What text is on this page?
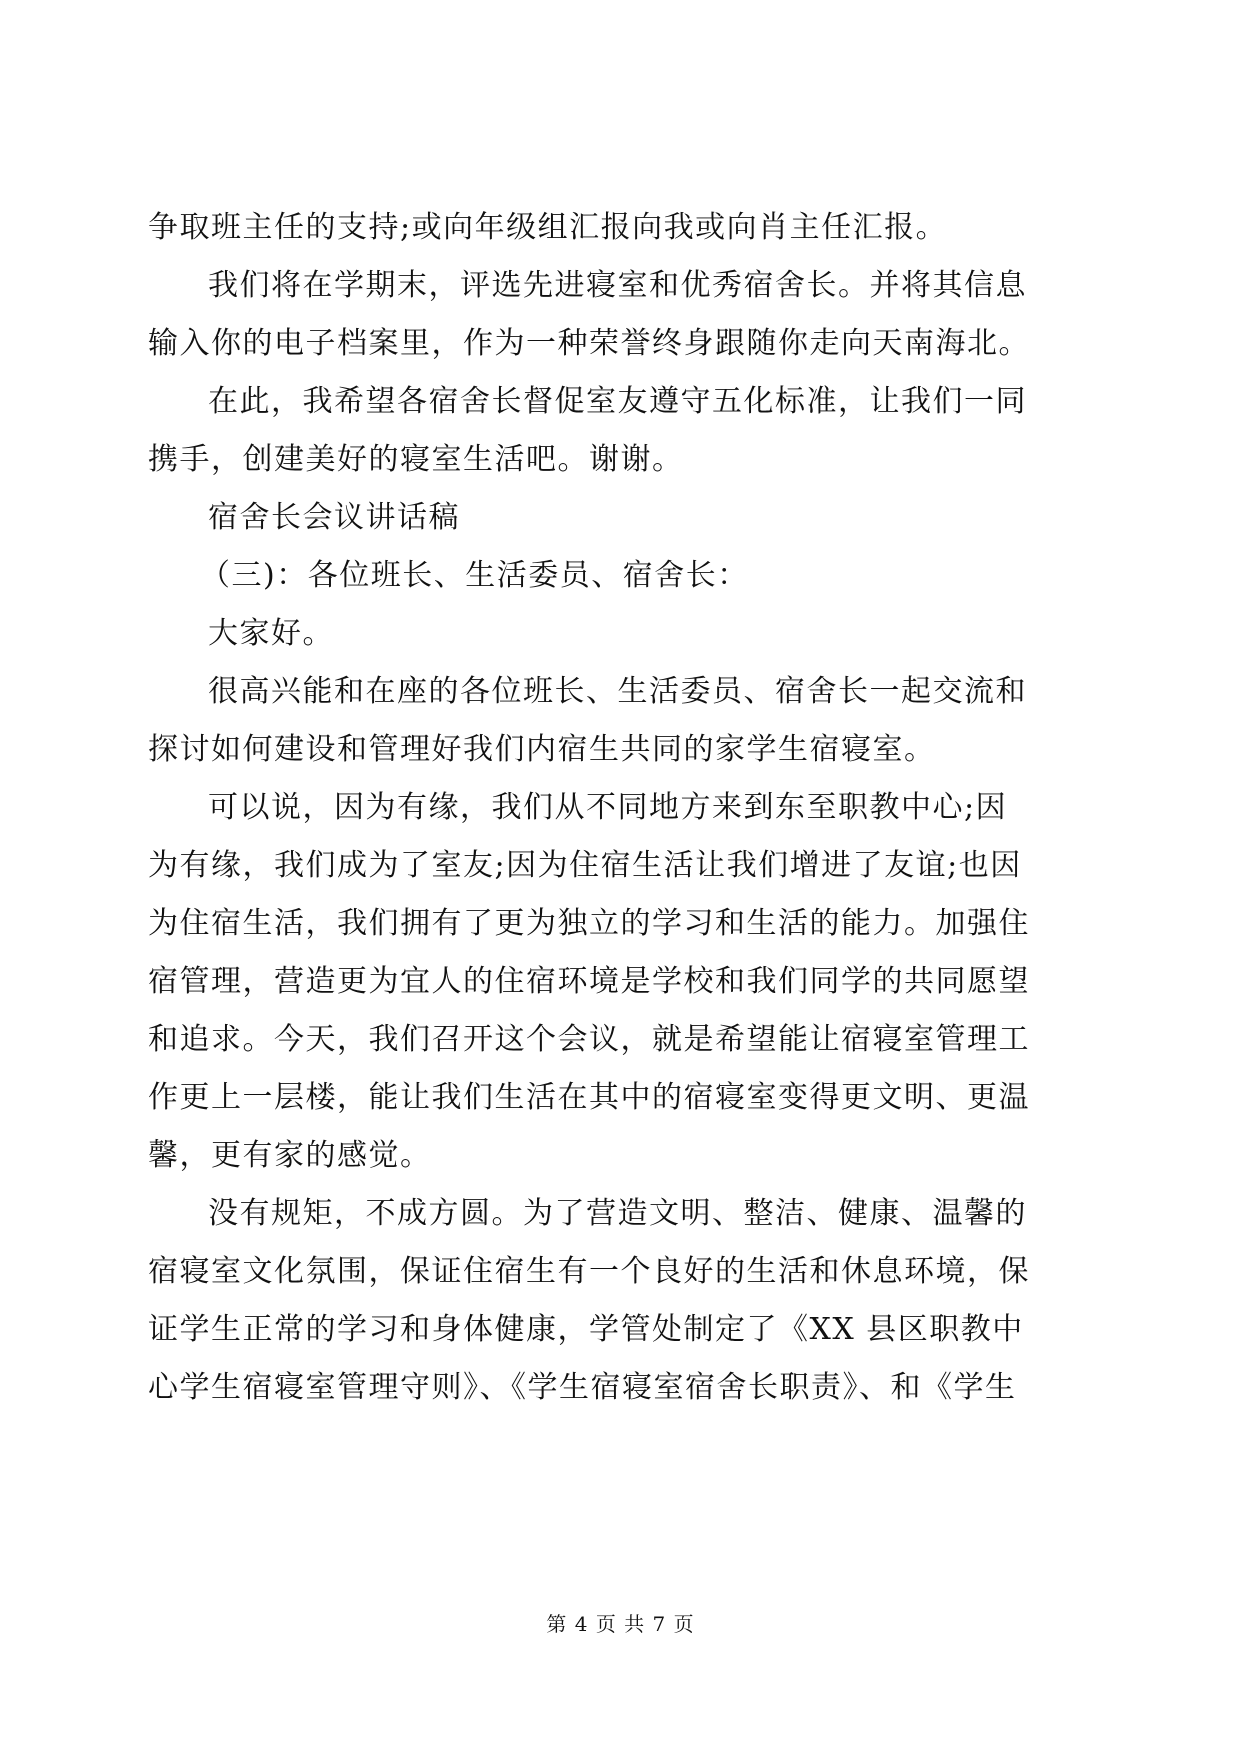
争取班主任的支持;或向年级组汇报向我或向肖主任汇报。
我们将在学期末，评选先进寝室和优秀宿舍长。并将其信息
输入你的电子档案里，作为一种荣誉终身跟随你走向天南海北。
在此，我希望各宿舍长督促室友遵守五化标准，让我们一同
携手，创建美好的寝室生活吧。谢谢。
宿舍长会议讲话稿
（三)：各位班长、生活委员、宿舍长：
大家好。
很高兴能和在座的各位班长、生活委员、宿舍长一起交流和
探讨如何建设和管理好我们内宿生共同的家学生宿寝室。
可以说，因为有缘，我们从不同地方来到东至职教中心;因
为有缘，我们成为了室友;因为住宿生活让我们增进了友谊;也因
为住宿生活，我们拥有了更为独立的学习和生活的能力。加强住
宿管理，营造更为宜人的住宿环境是学校和我们同学的共同愿望
和追求。今天，我们召开这个会议，就是希望能让宿寝室管理工
作更上一层楼，能让我们生活在其中的宿寝室变得更文明、更温
馨，更有家的感觉。
没有规矩，不成方圆。为了营造文明、整洁、健康、温馨的
宿寝室文化氛围，保证住宿生有一个良好的生活和休息环境，保
证学生正常的学习和身体健康，学管处制定了《XX 县区职教中
心学生宿寝室管理守则》、《学生宿寝室宿舍长职责》、和《学生
第 4 页 共 7 页
